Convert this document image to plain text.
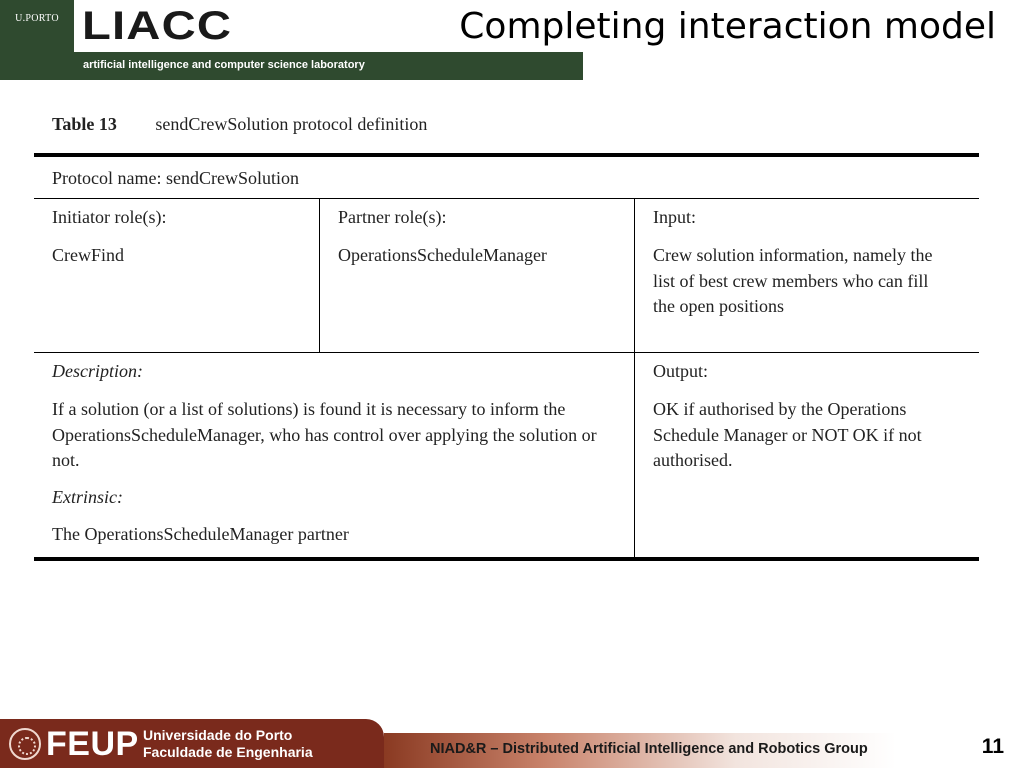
U.PORTO LIACC
artificial intelligence and computer science laboratory
Completing interaction model
Table 13 sendCrewSolution protocol definition
Protocol name: sendCrewSolution
Initiator role(s):
CrewFind
Partner role(s):
OperationsScheduleManager
Input:
Crew solution information, namely the list of best crew members who can fill the open positions
Description:
If a solution (or a list of solutions) is found it is necessary to inform the OperationsScheduleManager, who has control over applying the solution or not.
Extrinsic:
The OperationsScheduleManager partner
Output:
OK if authorised by the Operations Schedule Manager or NOT OK if not authorised.
FEUP Universidade do Porto
Faculdade de Engenharia	NIAD&R – Distributed Artificial Intelligence and Robotics Group	11
